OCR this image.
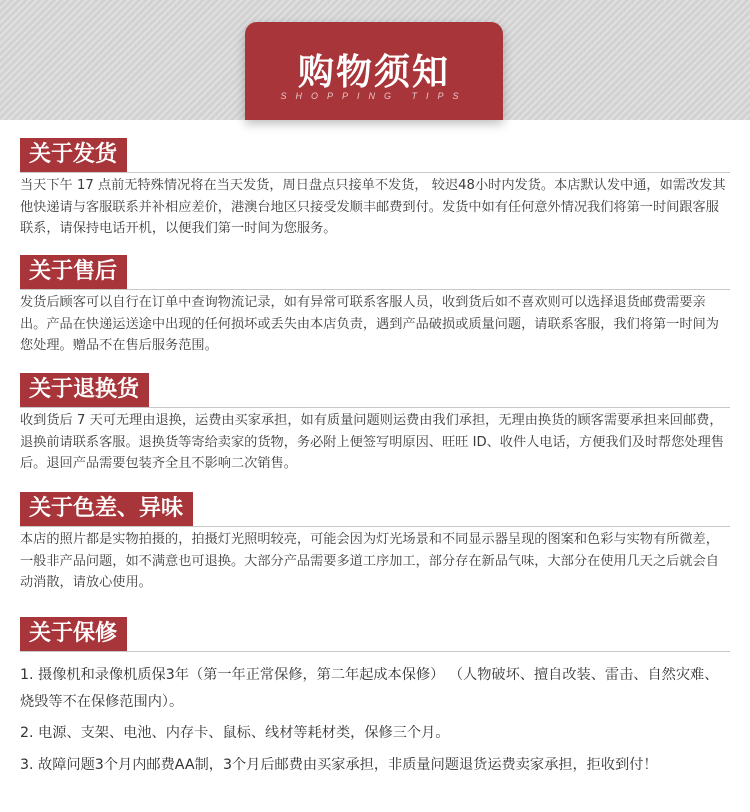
购物须知
SHOPPING TIPS
关于发货

当天下午 17 点前无特殊情况将在当天发货，周日盘点只接单不发货， 较迟48小时内发货。本店默认发中通，如需改发其他快递请与客服联系并补相应差价，港澳台地区只接受发顺丰邮费到付。发货中如有任何意外情况我们将第一时间跟客服联系，请保持电话开机，以便我们第一时间为您服务。

关于售后

发货后顾客可以自行在订单中查询物流记录，如有异常可联系客服人员，收到货后如不喜欢则可以选择退货邮费需要亲出。产品在快递运送途中出现的任何损坏或丢失由本店负责，遇到产品破损或质量问题，请联系客服，我们将第一时间为您处理。赠品不在售后服务范围。

关于退换货

收到货后 7 天可无理由退换，运费由买家承担，如有质量问题则运费由我们承担，无理由换货的顾客需要承担来回邮费，退换前请联系客服。退换货等寄给卖家的货物，务必附上便签写明原因、旺旺 ID、收件人电话，方便我们及时帮您处理售后。退回产品需要包装齐全且不影响二次销售。

关于色差、异味

本店的照片都是实物拍摄的，拍摄灯光照明较亮，可能会因为灯光场景和不同显示器呈现的图案和色彩与实物有所微差，一般非产品问题，如不满意也可退换。大部分产品需要多道工序加工，部分存在新品气味，大部分在使用几天之后就会自动消散，请放心使用。

关于保修

1. 摄像机和录像机质保3年（第一年正常保修，第二年起成本保修） （人物破坏、擅自改装、雷击、自然灾难、烧毁等不在保修范围内）。

2. 电源、支架、电池、内存卡、鼠标、线材等耗材类，保修三个月。

3. 故障问题3个月内邮费AA制，3个月后邮费由买家承担，非质量问题退货运费卖家承担，拒收到付！
